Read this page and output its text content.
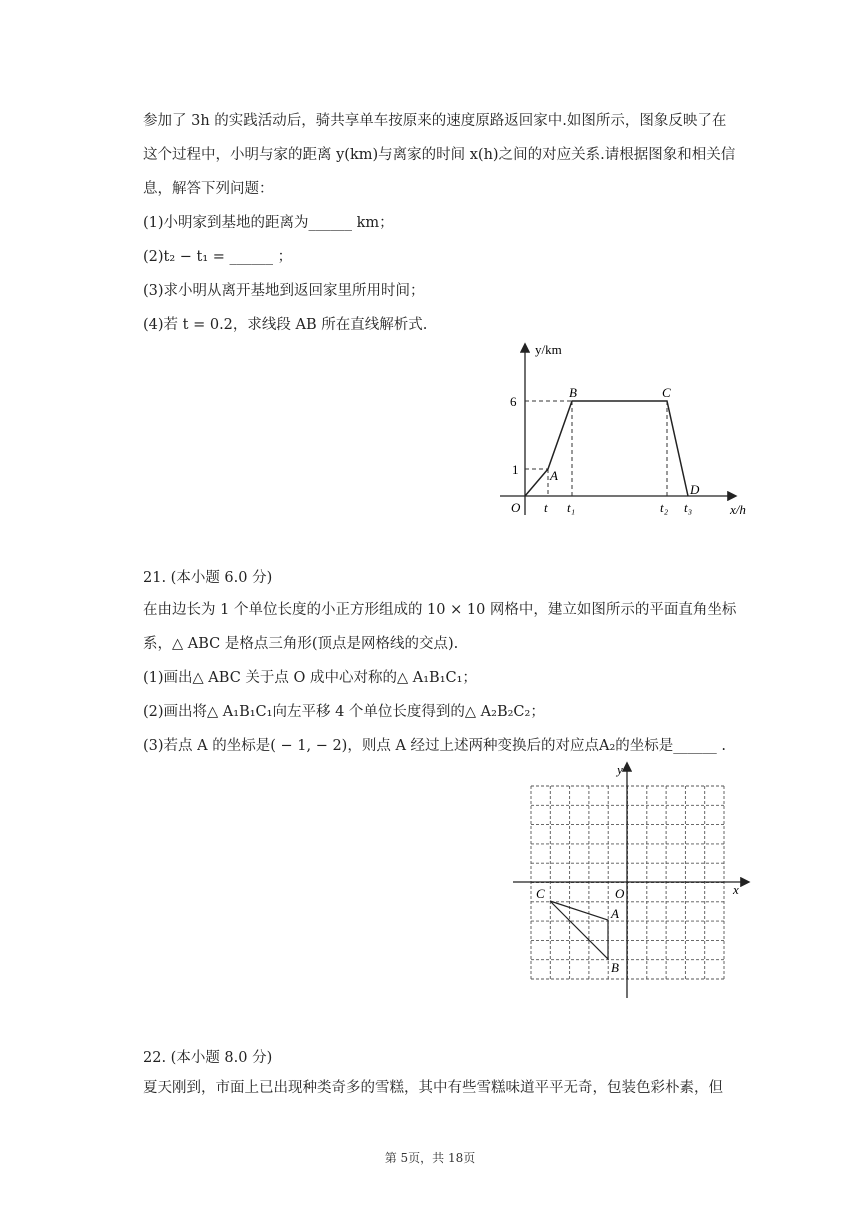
参加了 3h 的实践活动后，骑共享单车按原来的速度原路返回家中.如图所示，图象反映了在
这个过程中，小明与家的距离 y(km)与离家的时间 x(h)之间的对应关系.请根据图象和相关信
息，解答下列问题：
(1)小明家到基地的距离为______ km；
(2)t₂ − t₁ = ______ ；
(3)求小明从离开基地到返回家里所用时间；
(4)若 t = 0.2，求线段 AB 所在直线解析式.
y/km
x/h
O
6
1
t t₁	t₂ t₃
A
B	C
D
21. (本小题 6.0 分)
在由边长为 1 个单位长度的小正方形组成的 10 × 10 网格中，建立如图所示的平面直角坐标
系，△ ABC 是格点三角形(顶点是网格线的交点).
(1)画出△ ABC 关于点 O 成中心对称的△ A₁B₁C₁；
(2)画出将△ A₁B₁C₁向左平移 4 个单位长度得到的△ A₂B₂C₂；
(3)若点 A 的坐标是( − 1, − 2)，则点 A 经过上述两种变换后的对应点A₂的坐标是______ .
y
x
O
C
A
B
22. (本小题 8.0 分)
夏天刚到，市面上已出现种类奇多的雪糕，其中有些雪糕味道平平无奇，包装色彩朴素，但
第 5页，共 18页
